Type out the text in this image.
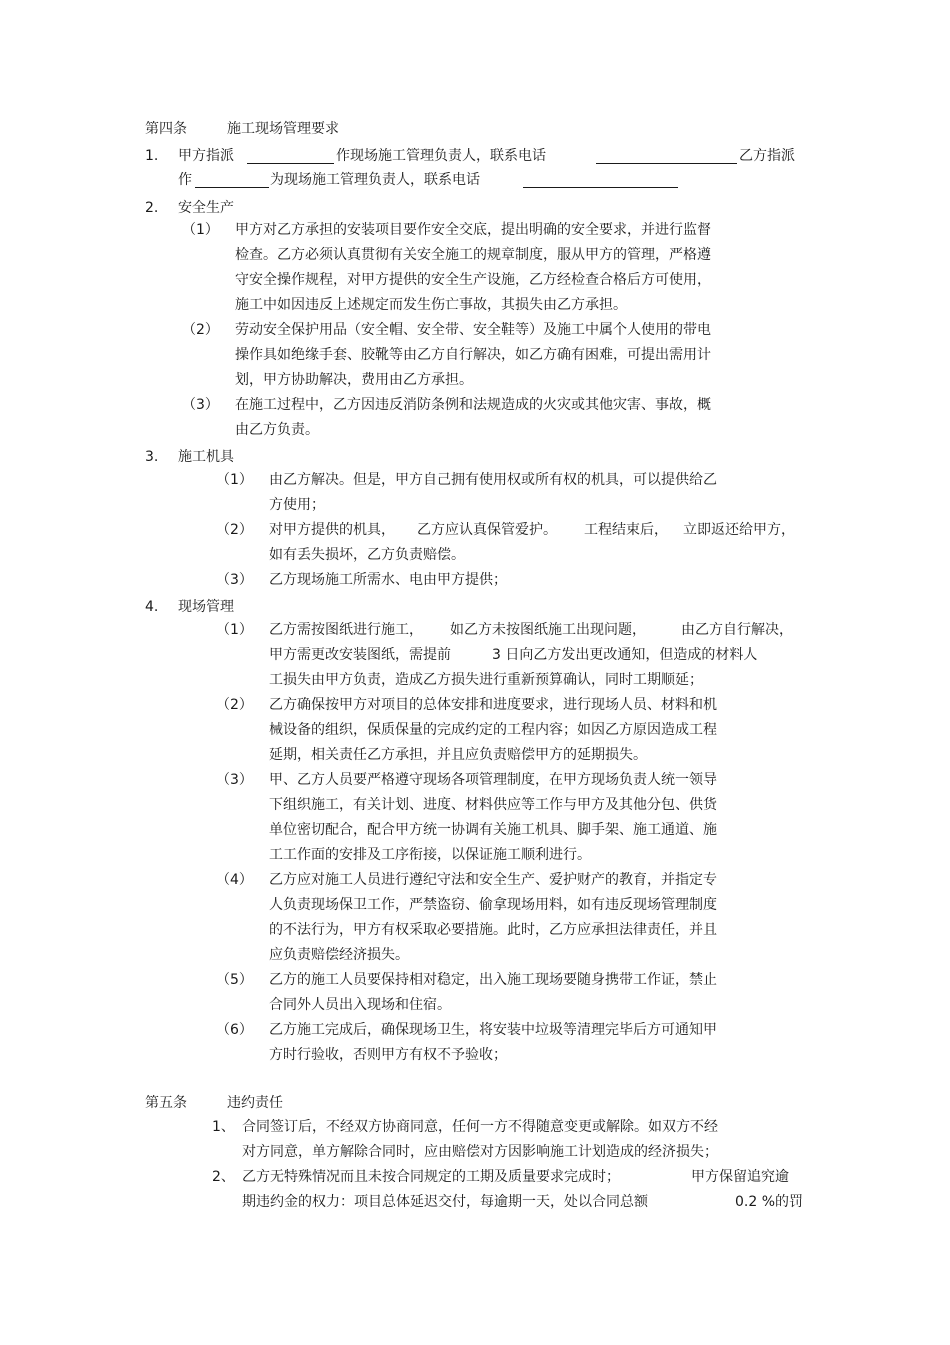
第四条	施工现场管理要求
1. 甲方指派	作现场施工管理负责人，联系电话	乙方指派
作	为现场施工管理负责人，联系电话
2. 安全生产
（1） 甲方对乙方承担的安装项目要作安全交底，提出明确的安全要求，并进行监督
检查。乙方必须认真贯彻有关安全施工的规章制度，服从甲方的管理，严格遵
守安全操作规程，对甲方提供的安全生产设施，乙方经检查合格后方可使用，
施工中如因违反上述规定而发生伤亡事故，其损失由乙方承担。
（2） 劳动安全保护用品（安全帽、安全带、安全鞋等）及施工中属个人使用的带电
操作具如绝缘手套、胶靴等由乙方自行解决，如乙方确有困难，可提出需用计
划，甲方协助解决，费用由乙方承担。
（3） 在施工过程中，乙方因违反消防条例和法规造成的火灾或其他灾害、事故，概
由乙方负责。
3. 施工机具
（1） 由乙方解决。但是，甲方自己拥有使用权或所有权的机具，可以提供给乙
方使用；
（2） 对甲方提供的机具， 乙方应认真保管爱护。 工程结束后， 立即返还给甲方，
如有丢失损坏，乙方负责赔偿。
（3） 乙方现场施工所需水、电由甲方提供；
4. 现场管理
（1） 乙方需按图纸进行施工， 如乙方未按图纸施工出现问题，	由乙方自行解决，
甲方需更改安装图纸，需提前	3 日向乙方发出更改通知，但造成的材料人
工损失由甲方负责，造成乙方损失进行重新预算确认，同时工期顺延；
（2） 乙方确保按甲方对项目的总体安排和进度要求，进行现场人员、材料和机
械设备的组织，保质保量的完成约定的工程内容；如因乙方原因造成工程
延期，相关责任乙方承担，并且应负责赔偿甲方的延期损失。
（3） 甲、乙方人员要严格遵守现场各项管理制度，在甲方现场负责人统一领导
下组织施工，有关计划、进度、材料供应等工作与甲方及其他分包、供货
单位密切配合，配合甲方统一协调有关施工机具、脚手架、施工通道、施
工工作面的安排及工序衔接，以保证施工顺利进行。
（4） 乙方应对施工人员进行遵纪守法和安全生产、爱护财产的教育，并指定专
人负责现场保卫工作，严禁盗窃、偷拿现场用料，如有违反现场管理制度
的不法行为，甲方有权采取必要措施。此时，乙方应承担法律责任，并且
应负责赔偿经济损失。
（5） 乙方的施工人员要保持相对稳定，出入施工现场要随身携带工作证，禁止
合同外人员出入现场和住宿。
（6） 乙方施工完成后，确保现场卫生，将安装中垃圾等清理完毕后方可通知甲
方时行验收，否则甲方有权不予验收；
第五条	违约责任
1、 合同签订后，不经双方协商同意，任何一方不得随意变更或解除。如双方不经
对方同意，单方解除合同时，应由赔偿对方因影响施工计划造成的经济损失；
2、 乙方无特殊情况而且未按合同规定的工期及质量要求完成时；	甲方保留追究逾
期违约金的权力：项目总体延迟交付，每逾期一天，处以合同总额	0.2 %的罚
